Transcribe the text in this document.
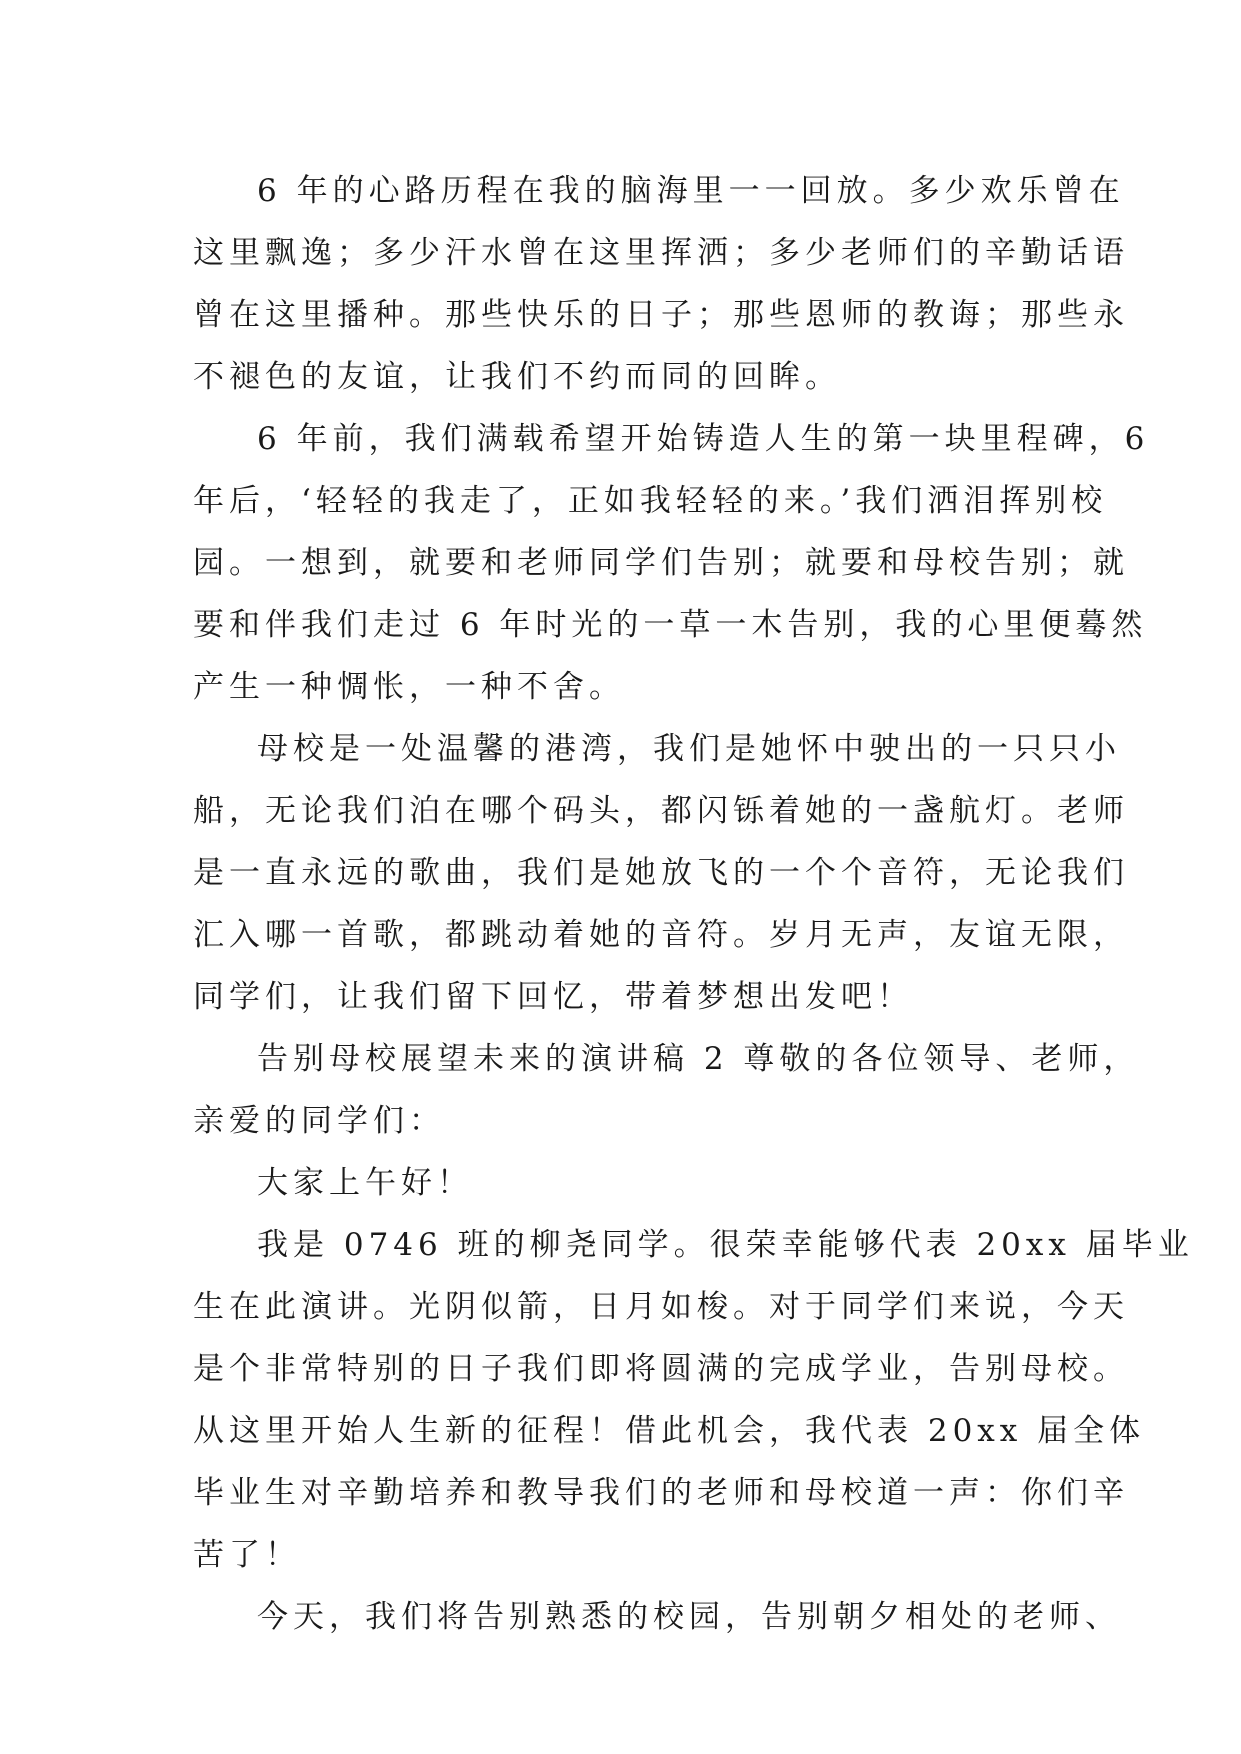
6 年的心路历程在我的脑海里一一回放。多少欢乐曾在
这里飘逸；多少汗水曾在这里挥洒；多少老师们的辛勤话语
曾在这里播种。那些快乐的日子；那些恩师的教诲；那些永
不褪色的友谊，让我们不约而同的回眸。
6 年前，我们满载希望开始铸造人生的第一块里程碑，6
年后，‘轻轻的我走了，正如我轻轻的来。’我们洒泪挥别校
园。一想到，就要和老师同学们告别；就要和母校告别；就
要和伴我们走过 6 年时光的一草一木告别，我的心里便蓦然
产生一种惆怅，一种不舍。
母校是一处温馨的港湾，我们是她怀中驶出的一只只小
船，无论我们泊在哪个码头，都闪铄着她的一盏航灯。老师
是一直永远的歌曲，我们是她放飞的一个个音符，无论我们
汇入哪一首歌，都跳动着她的音符。岁月无声，友谊无限，
同学们，让我们留下回忆，带着梦想出发吧！
告别母校展望未来的演讲稿 2 尊敬的各位领导、老师，
亲爱的同学们：
大家上午好！
我是 0746 班的柳尧同学。很荣幸能够代表 20xx 届毕业
生在此演讲。光阴似箭，日月如梭。对于同学们来说，今天
是个非常特别的日子我们即将圆满的完成学业，告别母校。
从这里开始人生新的征程！借此机会，我代表 20xx 届全体
毕业生对辛勤培养和教导我们的老师和母校道一声：你们辛
苦了！
今天，我们将告别熟悉的校园，告别朝夕相处的老师、
